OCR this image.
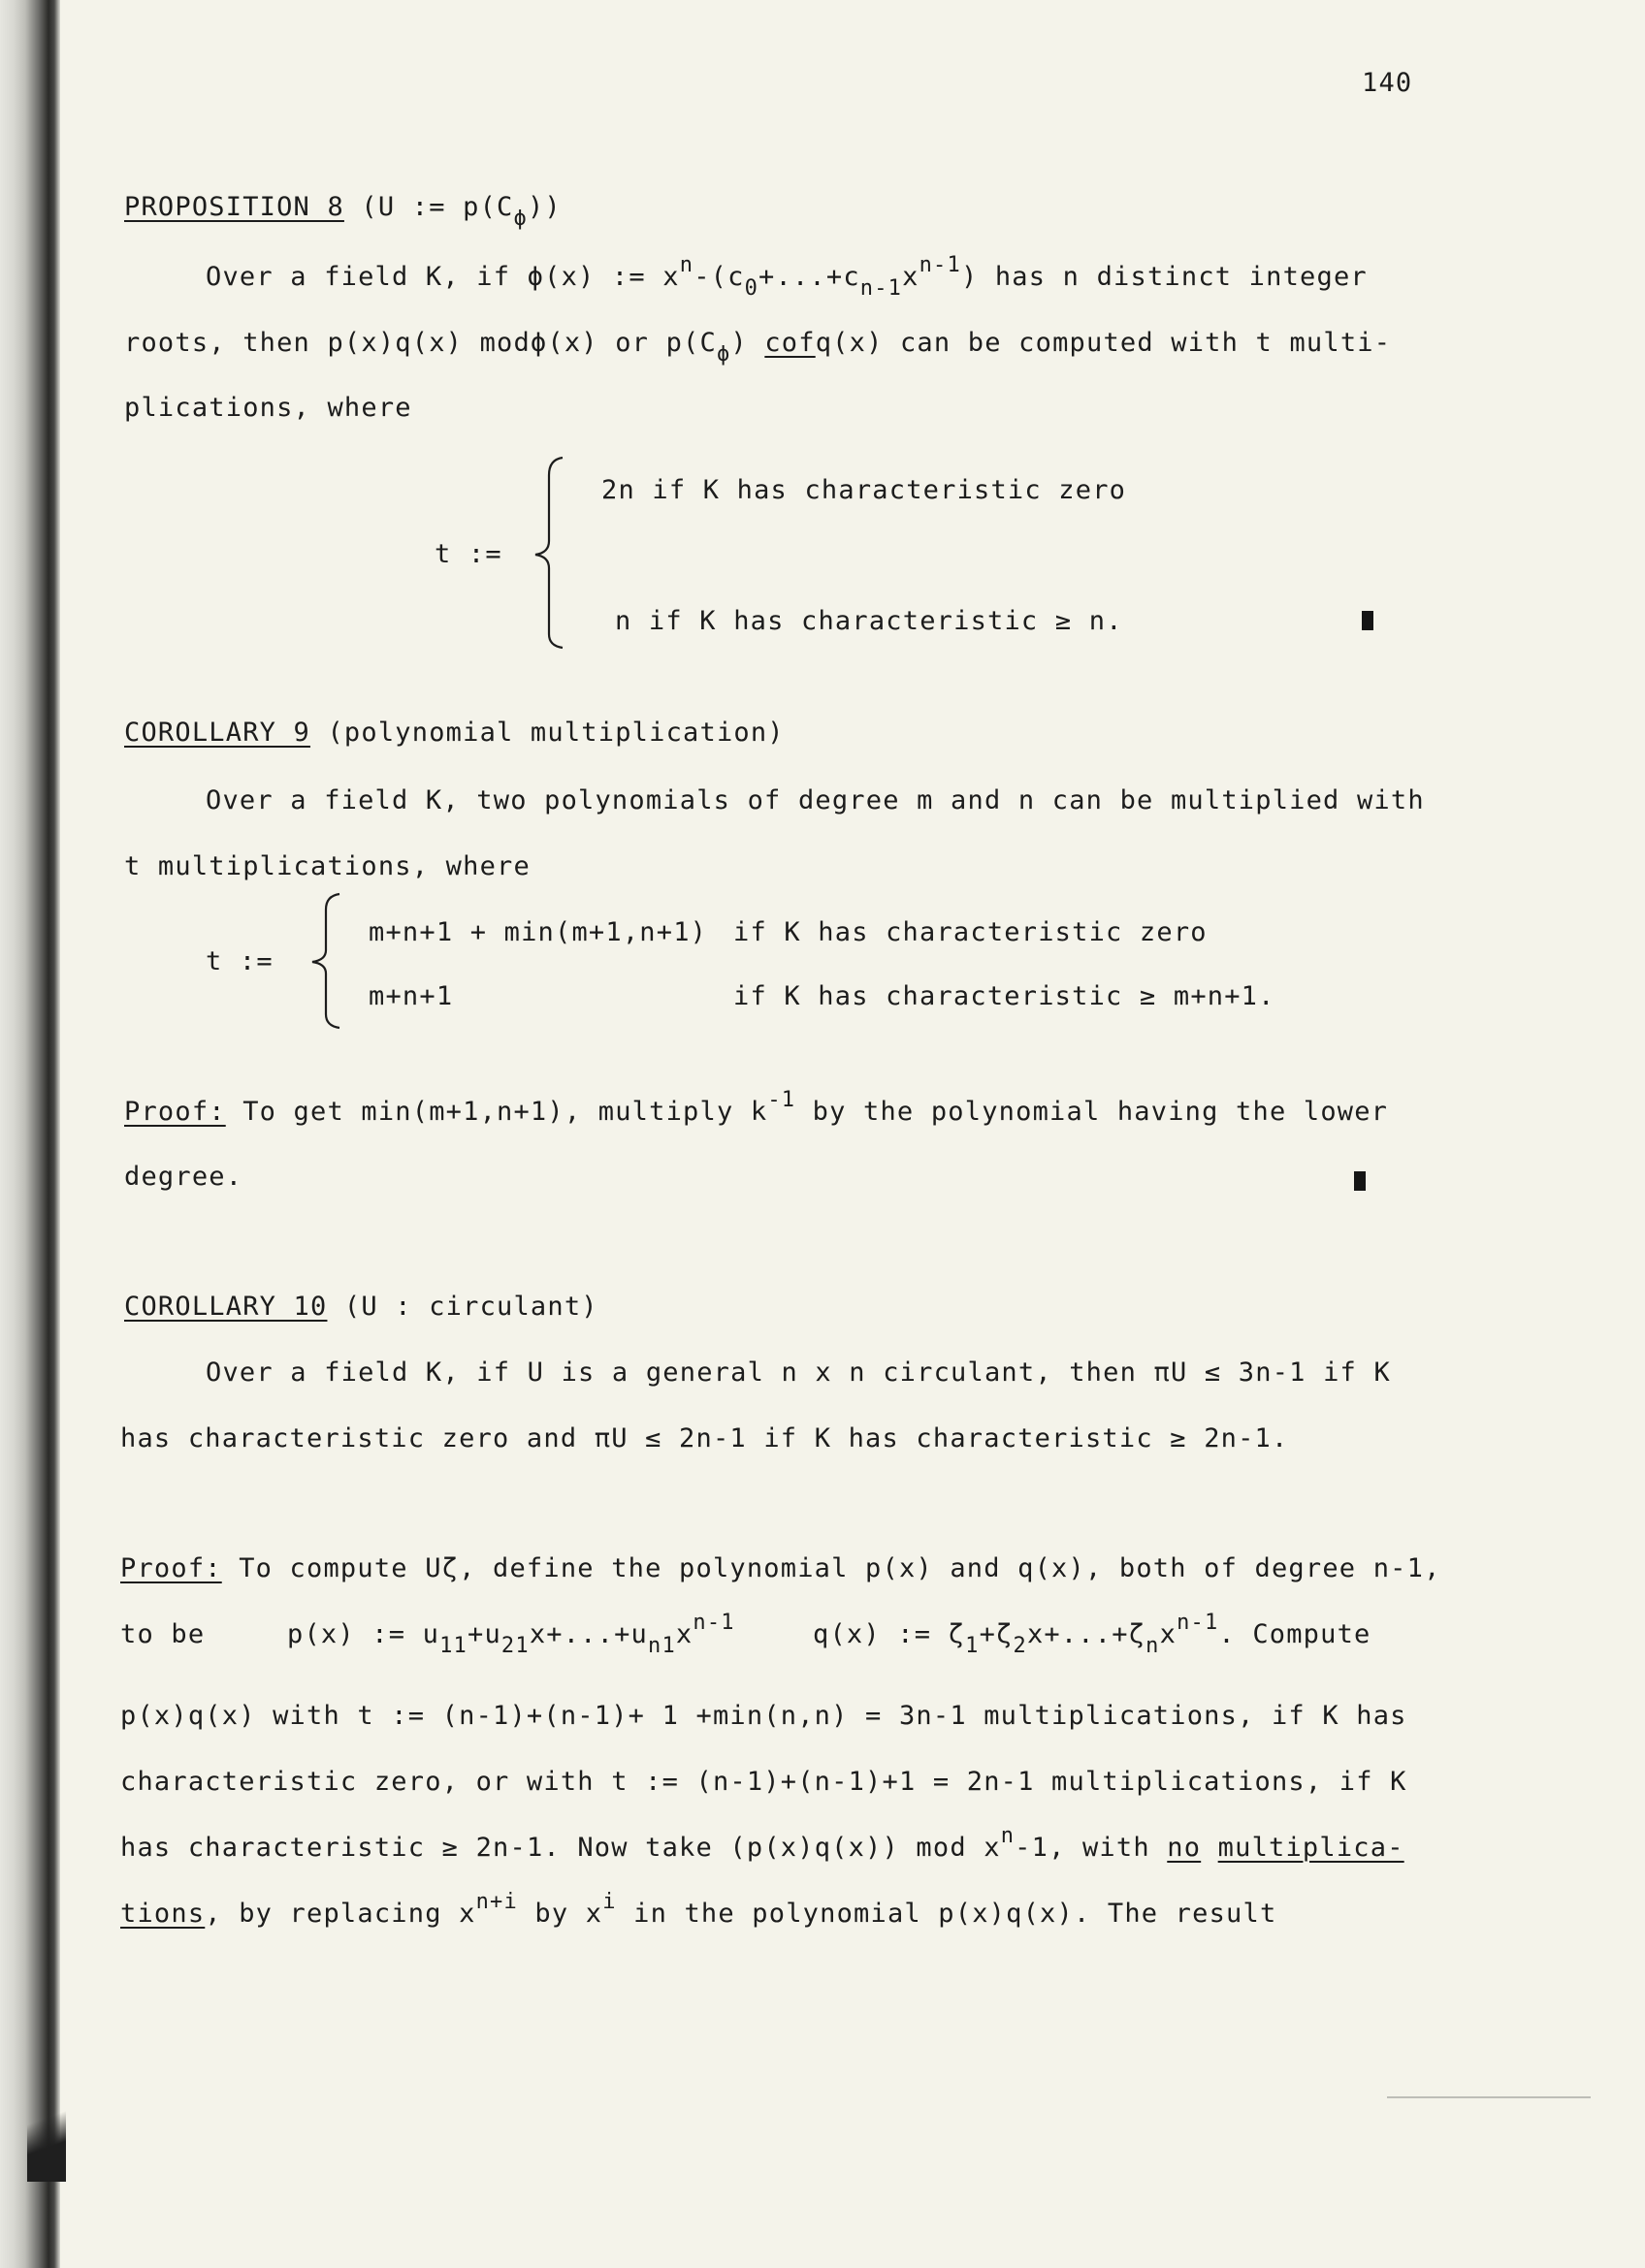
140
PROPOSITION 8 (U := $p(C_\phi)$)
Over a field K, if ϕ(x) := $x^n-(c_0+...+c_{n-1}x^{n-1})$ has n distinct integer
roots, then p(x)q(x) modϕ(x) or $p(C_\phi)$ cofq(x) can be computed with t multi-
plications, where
t :=
2n if K has characteristic zero
n if K has characteristic ≥ n.
COROLLARY 9 (polynomial multiplication)
Over a field K, two polynomials of degree m and n can be multiplied with
t multiplications, where
t :=
m+n+1 + min(m+1,n+1) if K has characteristic zero
m+n+1	if K has characteristic ≥ m+n+1.
Proof: To get min(m+1,n+1), multiply $k^{-1}$ by the polynomial having the lower
degree.
COROLLARY 10 (U : circulant)
Over a field K, if U is a general n x n circulant, then πU ≤ 3n-1 if K
has characteristic zero and πU ≤ 2n-1 if K has characteristic ≥ 2n-1.
Proof: To compute Uζ, define the polynomial p(x) and q(x), both of degree n-1,
to be	p(x) := $u_{11}+u_{21}x+...+u_{n1}x^{n-1}$	q(x) := $\zeta_1+\zeta_2x+...+\zeta_nx^{n-1}$. Compute
p(x)q(x) with t := (n-1)+(n-1)+ 1 +min(n,n) = 3n-1 multiplications, if K has
characteristic zero, or with t := (n-1)+(n-1)+1 = 2n-1 multiplications, if K
has characteristic ≥ 2n-1. Now take (p(x)q(x)) mod $x^n-1$, with no multiplica-
tions, by replacing $x^{n+i}$ by $x^i$ in the polynomial p(x)q(x). The result
